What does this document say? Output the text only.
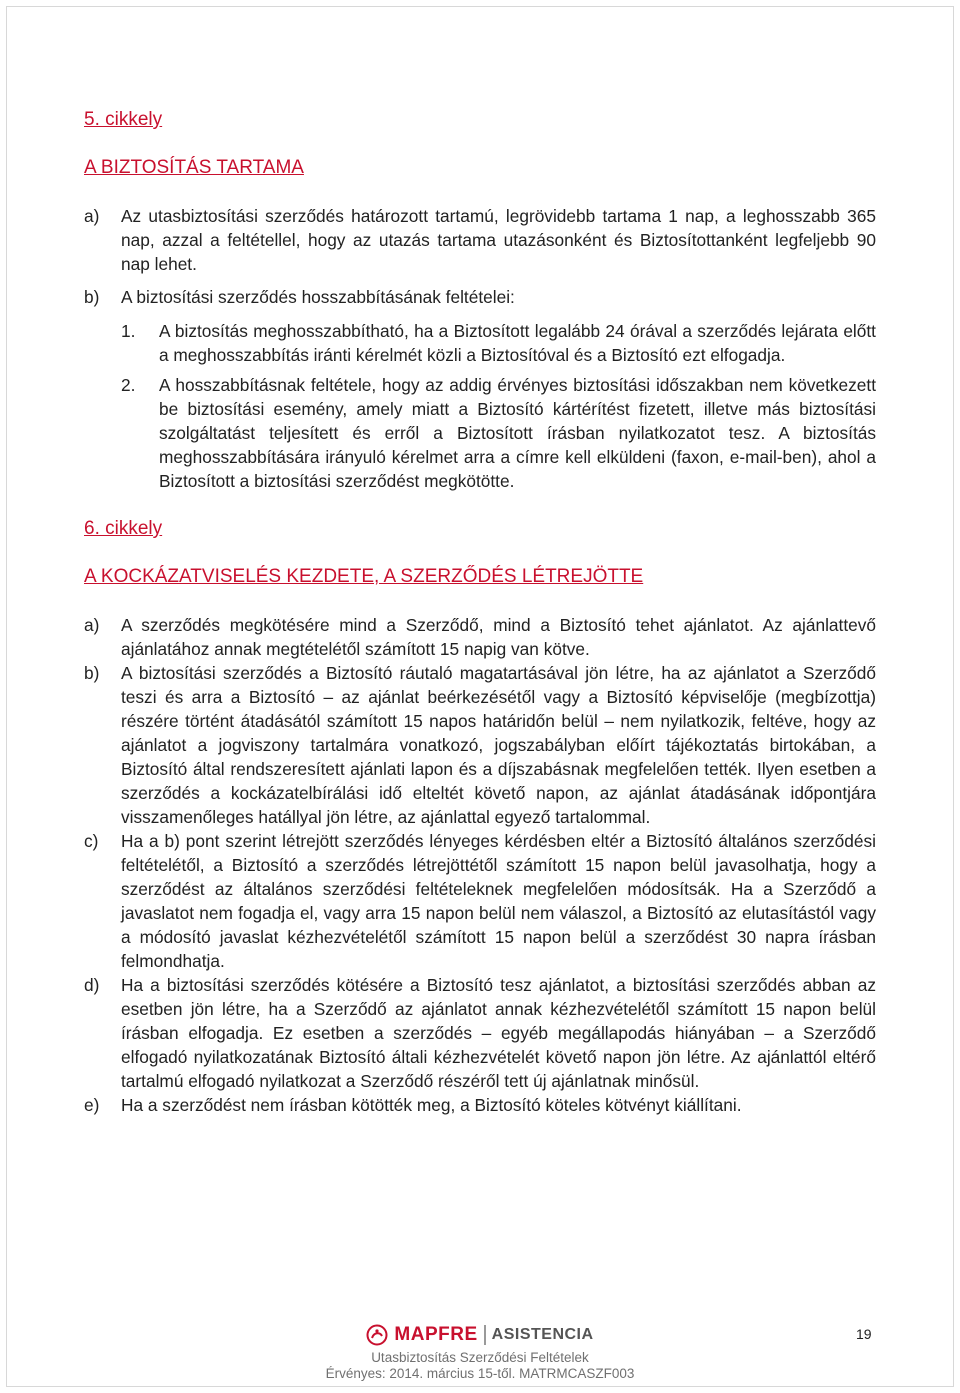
5. cikkely
A BIZTOSÍTÁS TARTAMA
a)	Az utasbiztosítási szerződés határozott tartamú, legrövidebb tartama 1 nap, a leghosszabb 365 nap, azzal a feltétellel, hogy az utazás tartama utazásonként és Biztosítottanként legfeljebb 90 nap lehet.
b)	A biztosítási szerződés hosszabbításának feltételei:
1.	A biztosítás meghosszabbítható, ha a Biztosított legalább 24 órával a szerződés lejárata előtt a meghosszabbítás iránti kérelmét közli a Biztosítóval és a Biztosító ezt elfogadja.
2.	A hosszabbításnak feltétele, hogy az addig érvényes biztosítási időszakban nem következett be biztosítási esemény, amely miatt a Biztosító kártérítést fizetett, illetve más biztosítási szolgáltatást teljesített és erről a Biztosított írásban nyilatkozatot tesz. A biztosítás meghosszabbítására irányuló kérelmet arra a címre kell elküldeni (faxon, e-mail-ben), ahol a Biztosított a biztosítási szerződést megkötötte.
6. cikkely
A KOCKÁZATVISELÉS KEZDETE, A SZERZŐDÉS LÉTREJÖTTE
a)	A szerződés megkötésére mind a Szerződő, mind a Biztosító tehet ajánlatot. Az ajánlattevő ajánlatához annak megtételétől számított 15 napig van kötve.
b)	A biztosítási szerződés a Biztosító ráutaló magatartásával jön létre, ha az ajánlatot a Szerződő teszi és arra a Biztosító – az ajánlat beérkezésétől vagy a Biztosító képviselője (megbízottja) részére történt átadásától számított 15 napos határidőn belül – nem nyilatkozik, feltéve, hogy az ajánlatot a jogviszony tartalmára vonatkozó, jogszabályban előírt tájékoztatás birtokában, a Biztosító által rendszeresített ajánlati lapon és a díjszabásnak megfelelően tették. Ilyen esetben a szerződés a kockázatelbírálási idő elteltét követő napon, az ajánlat átadásának időpontjára visszamenőleges hatállyal jön létre, az ajánlattal egyező tartalommal.
c)	Ha a b) pont szerint létrejött szerződés lényeges kérdésben eltér a Biztosító általános szerződési feltételétől, a Biztosító a szerződés létrejöttétől számított 15 napon belül javasolhatja, hogy a szerződést az általános szerződési feltételeknek megfelelően módosítsák. Ha a Szerződő a javaslatot nem fogadja el, vagy arra 15 napon belül nem válaszol, a Biztosító az elutasítástól vagy a módosító javaslat kézhezvételétől számított 15 napon belül a szerződést 30 napra írásban felmondhatja.
d)	Ha a biztosítási szerződés kötésére a Biztosító tesz ajánlatot, a biztosítási szerződés abban az esetben jön létre, ha a Szerződő az ajánlatot annak kézhezvételétől számított 15 napon belül írásban elfogadja. Ez esetben a szerződés – egyéb megállapodás hiányában – a Szerződő elfogadó nyilatkozatának Biztosító általi kézhezvételét követő napon jön létre. Az ajánlattól eltérő tartalmú elfogadó nyilatkozat a Szerződő részéről tett új ajánlatnak minősül.
e)	Ha a szerződést nem írásban kötötték meg, a Biztosító köteles kötvényt kiállítani.
MAPFRE ASISTENCIA
Utasbiztosítás Szerződési Feltételek
Érvényes: 2014. március 15-től. MATRMCASZF003
19
